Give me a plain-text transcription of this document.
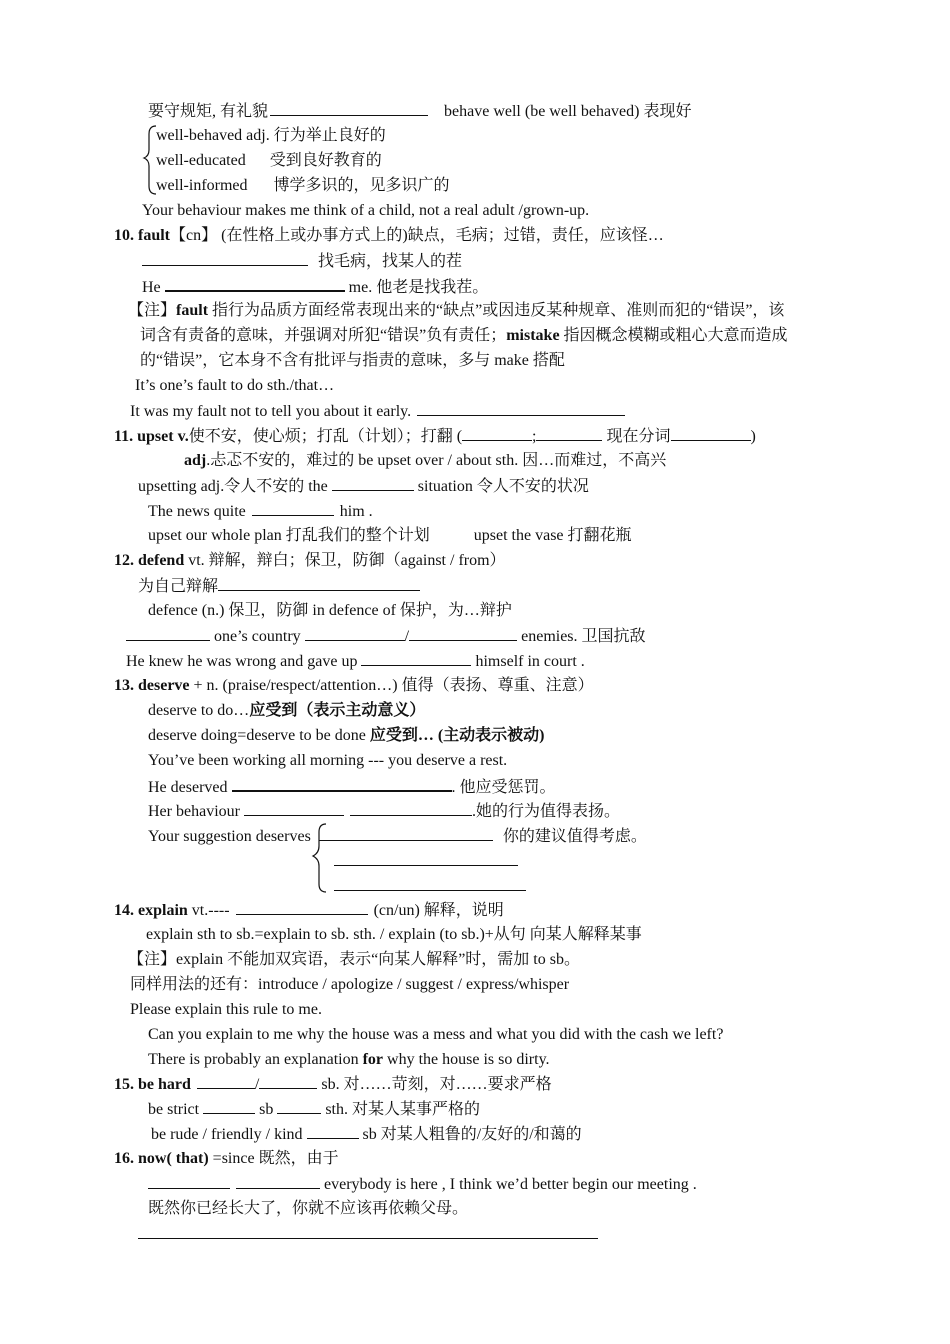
要守规矩, 有礼貌	behave well (be well behaved) 表现好
well-behaved adj. 行为举止良好的
well-educated 受到良好教育的
well-informed 博学多识的，见多识广的
Your behaviour makes me think of a child, not a real adult /grown-up.
10. fault【cn】 (在性格上或办事方式上的)缺点，毛病；过错，责任，应该怪…
找毛病，找某人的茬
He	me. 他老是找我茬。
【注】fault 指行为品质方面经常表现出来的“缺点”或因违反某种规章、准则而犯的“错误”，该
词含有责备的意味，并强调对所犯“错误”负有责任；mistake 指因概念模糊或粗心大意而造成
的“错误”，它本身不含有批评与指责的意味，多与 make 搭配
It’s one’s fault to do sth./that…
It was my fault not to tell you about it early.
11. upset v.使不安，使心烦；打乱（计划）；打翻 (	;	现在分词	)
adj.忐忑不安的，难过的 be upset over / about sth. 因…而难过，不高兴
upsetting adj.令人不安的 the	situation 令人不安的状况
The news quite	him .
upset our whole plan 打乱我们的整个计划	upset the vase 打翻花瓶
12. defend vt. 辩解，辩白；保卫，防御（against / from）
为自己辩解
defence (n.) 保卫，防御 in defence of 保护，为…辩护
one’s country	/	enemies. 卫国抗敌
He knew he was wrong and gave up	himself in court .
13. deserve + n. (praise/respect/attention…) 值得（表扬、尊重、注意）
deserve to do…应受到（表示主动意义）
deserve doing=deserve to be done 应受到… (主动表示被动)
You’ve been working all morning --- you deserve a rest.
He deserved	. 他应受惩罚。
Her behaviour	.她的行为值得表扬。
Your suggestion deserves	你的建议值得考虑。
14. explain vt.----	(cn/un) 解释，说明
explain sth to sb.=explain to sb. sth. / explain (to sb.)+从句 向某人解释某事
【注】explain 不能加双宾语，表示“向某人解释”时，需加 to sb。
同样用法的还有：introduce / apologize / suggest / express/whisper
Please explain this rule to me.
Can you explain to me why the house was a mess and what you did with the cash we left?
There is probably an explanation for why the house is so dirty.
15. be hard	/	sb. 对……苛刻，对……要求严格
be strict	sb	sth. 对某人某事严格的
be rude / friendly / kind	sb 对某人粗鲁的/友好的/和蔼的
16. now( that) =since 既然，由于
everybody is here , I think we’d better begin our meeting .
既然你已经长大了，你就不应该再依赖父母。
